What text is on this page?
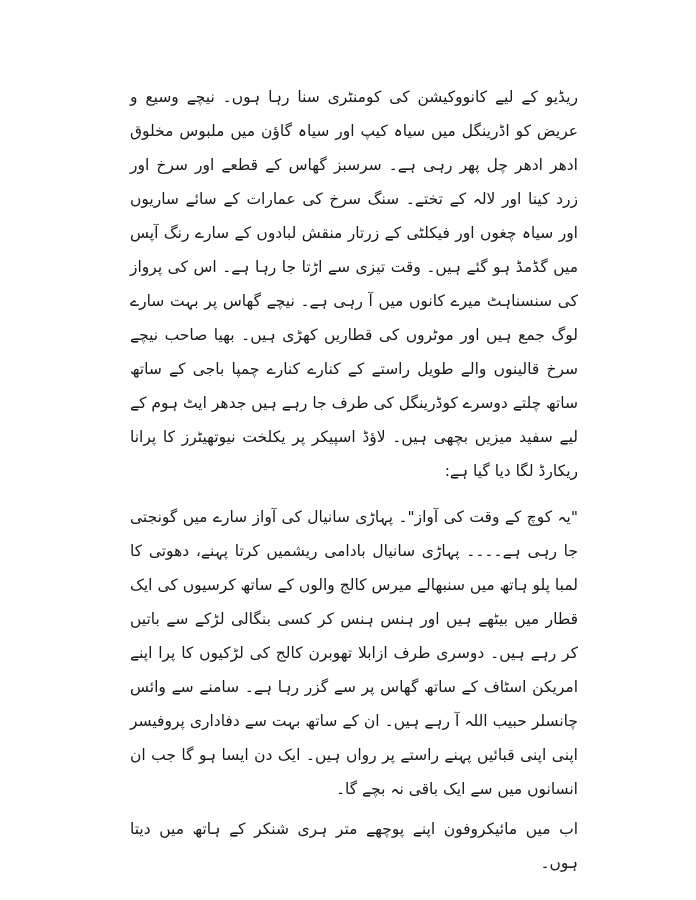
ریڈیو کے لیے کانووکیشن کی کومنٹری سنا رہا ہوں۔ نیچے وسیع و عریض کو اڈرینگل میں سیاہ کیپ اور سیاہ گاؤن میں ملبوس مخلوق ادھر ادھر چل پھر رہی ہے۔ سرسبز گھاس کے قطعے اور سرخ اور زرد کینا اور لالہ کے تختے۔ سنگ سرخ کی عمارات کے سائے ساریوں اور سیاہ چغوں اور فیکلٹی کے زرتار منقش لبادوں کے سارے رنگ آپس میں گڈمڈ ہو گئے ہیں۔ وقت تیزی سے اڑتا جا رہا ہے۔ اس کی پرواز کی سنسناہٹ میرے کانوں میں آ رہی ہے۔ نیچے گھاس پر بہت سارے لوگ جمع ہیں اور موٹروں کی قطاریں کھڑی ہیں۔ بھیا صاحب نیچے سرخ قالینوں والے طویل راستے کے کنارے کنارے چمپا باجی کے ساتھ ساتھ چلتے دوسرے کوڈرینگل کی طرف جا رہے ہیں جدھر ایٹ ہوم کے لیے سفید میزیں بچھی ہیں۔ لاؤڈ اسپیکر پر یکلخت نیوتھیٹرز کا پرانا ریکارڈ لگا دیا گیا ہے:

"یہ کوچ کے وقت کی آواز"۔ پہاڑی سانیال کی آواز سارے میں گونجتی جا رہی ہے۔۔۔۔ پہاڑی سانیال بادامی ریشمیں کرتا پہنے، دھوتی کا لمبا پلو ہاتھ میں سنبھالے میرس کالج والوں کے ساتھ کرسیوں کی ایک قطار میں بیٹھے ہیں اور ہنس ہنس کر کسی بنگالی لڑکے سے باتیں کر رہے ہیں۔ دوسری طرف ازابلا تھوبرن کالج کی لڑکیوں کا پرا اپنے امریکن اسٹاف کے ساتھ گھاس پر سے گزر رہا ہے۔ سامنے سے وائس چانسلر حبیب اللہ آ رہے ہیں۔ ان کے ساتھ بہت سے دفاداری پروفیسر اپنی اپنی قبائیں پہنے راستے پر رواں ہیں۔ ایک دن ایسا ہو گا جب ان انسانوں میں سے ایک باقی نہ بچے گا۔

اب میں مائیکروفون اپنے پوچھے متر ہری شنکر کے ہاتھ میں دیتا ہوں۔
